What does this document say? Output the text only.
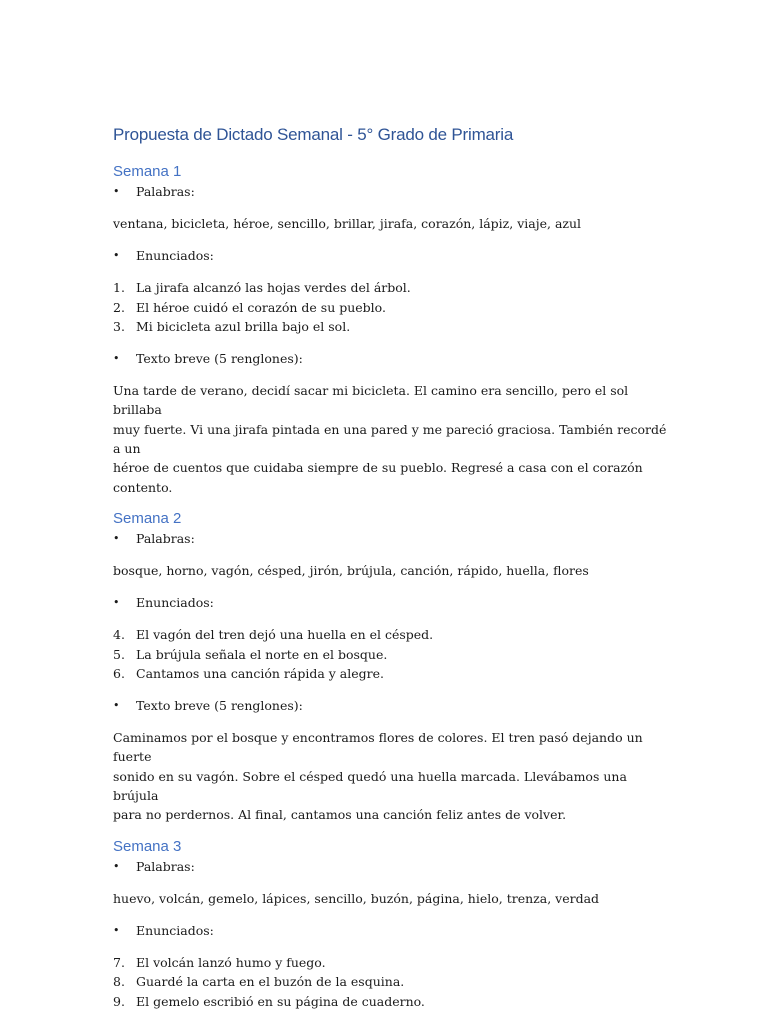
Propuesta de Dictado Semanal - 5° Grado de Primaria
Semana 1
• Palabras:
ventana, bicicleta, héroe, sencillo, brillar, jirafa, corazón, lápiz, viaje, azul
• Enunciados:
1. La jirafa alcanzó las hojas verdes del árbol.
2. El héroe cuidó el corazón de su pueblo.
3. Mi bicicleta azul brilla bajo el sol.
• Texto breve (5 renglones):
Una tarde de verano, decidí sacar mi bicicleta. El camino era sencillo, pero el sol brillaba
muy fuerte. Vi una jirafa pintada en una pared y me pareció graciosa. También recordé a un
héroe de cuentos que cuidaba siempre de su pueblo. Regresé a casa con el corazón contento.
Semana 2
• Palabras:
bosque, horno, vagón, césped, jirón, brújula, canción, rápido, huella, flores
• Enunciados:
4. El vagón del tren dejó una huella en el césped.
5. La brújula señala el norte en el bosque.
6. Cantamos una canción rápida y alegre.
• Texto breve (5 renglones):
Caminamos por el bosque y encontramos flores de colores. El tren pasó dejando un fuerte
sonido en su vagón. Sobre el césped quedó una huella marcada. Llevábamos una brújula
para no perdernos. Al final, cantamos una canción feliz antes de volver.
Semana 3
• Palabras:
huevo, volcán, gemelo, lápices, sencillo, buzón, página, hielo, trenza, verdad
• Enunciados:
7. El volcán lanzó humo y fuego.
8. Guardé la carta en el buzón de la esquina.
9. El gemelo escribió en su página de cuaderno.
